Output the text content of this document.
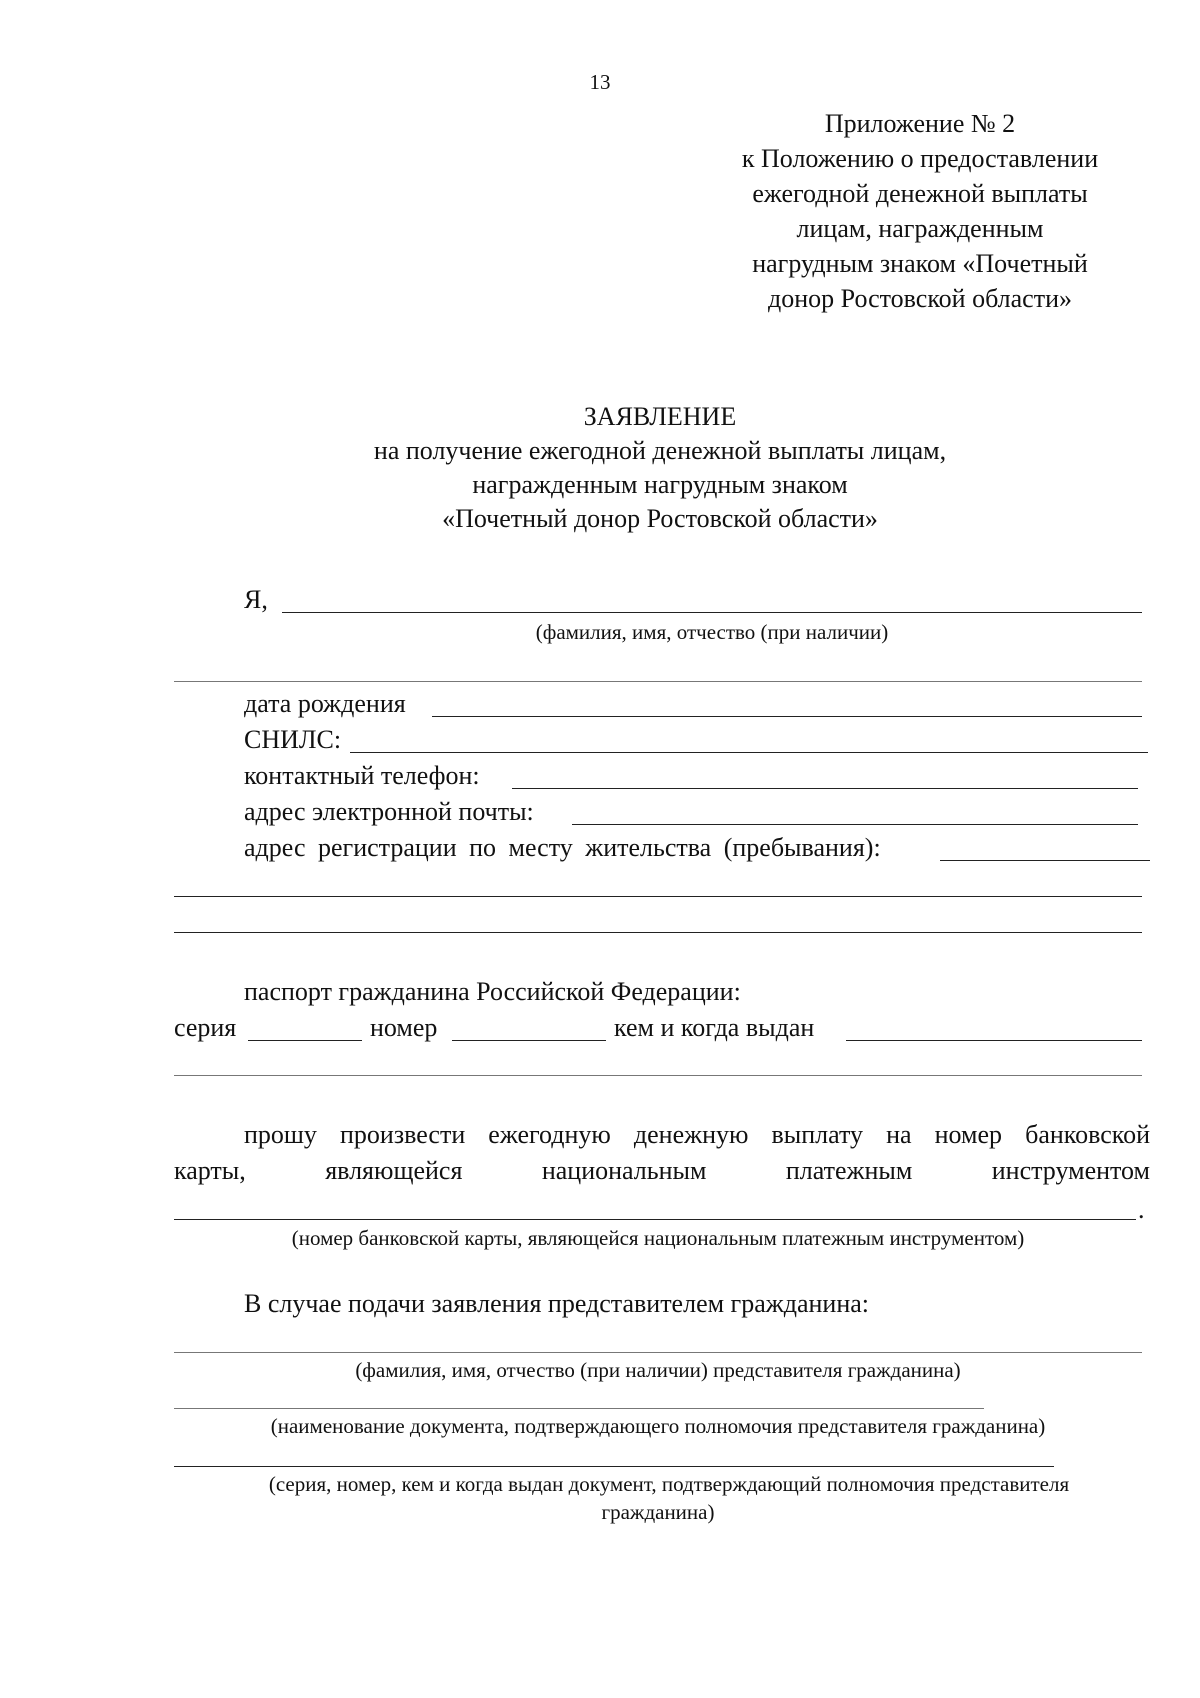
13
Приложение № 2
к Положению о предоставлении
ежегодной денежной выплаты
лицам, награжденным
нагрудным знаком «Почетный
донор Ростовской области»
ЗАЯВЛЕНИЕ
на получение ежегодной денежной выплаты лицам,
награжденным нагрудным знаком
«Почетный донор Ростовской области»
Я,
(фамилия, имя, отчество (при наличии)
дата рождения
СНИЛС:
контактный телефон:
адрес электронной почты:
адрес регистрации по месту жительства (пребывания):
паспорт гражданина Российской Федерации:
серия	номер	кем и когда выдан
прошу произвести ежегодную денежную выплату на номер банковской
карты,	являющейся	национальным	платежным	инструментом
.
(номер банковской карты, являющейся национальным платежным инструментом)
В случае подачи заявления представителем гражданина:
(фамилия, имя, отчество (при наличии) представителя гражданина)
(наименование документа, подтверждающего полномочия представителя гражданина)
(серия, номер, кем и когда выдан документ, подтверждающий полномочия представителя
гражданина)
